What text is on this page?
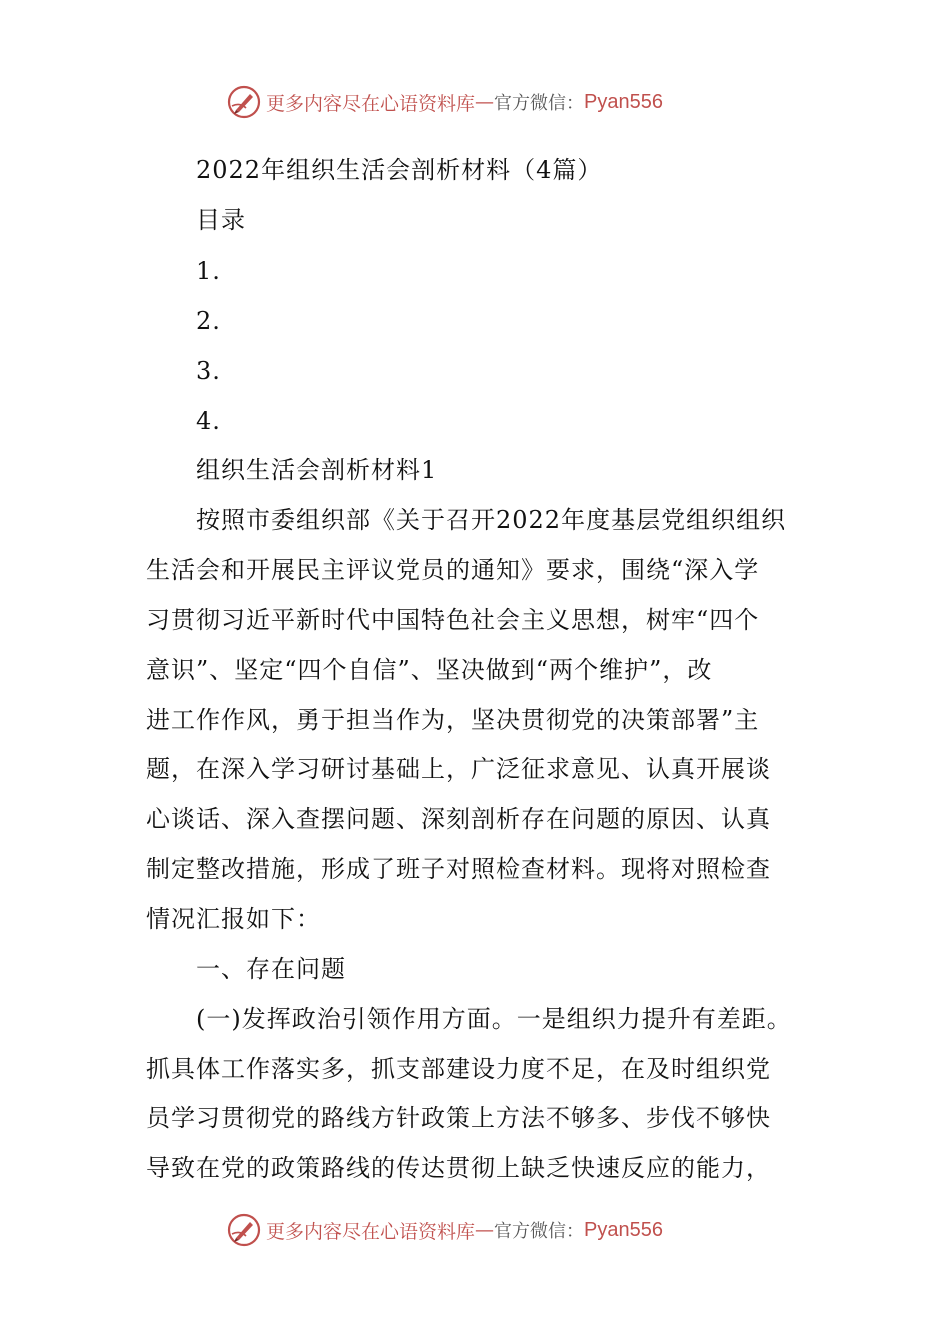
更多内容尽在心语资料库 — 官方微信： Pyan556
2022年组织生活会剖析材料（4篇）
目录
1.
2.
3.
4.
组织生活会剖析材料1
按照市委组织部《关于召开2022年度基层党组织组织
生活会和开展民主评议党员的通知》要求，围绕“深入学
习贯彻习近平新时代中国特色社会主义思想，树牢“四个
意识”、坚定“四个自信”、坚决做到“两个维护”，改
进工作作风，勇于担当作为，坚决贯彻党的决策部署”主
题，在深入学习研讨基础上，广泛征求意见、认真开展谈
心谈话、深入查摆问题、深刻剖析存在问题的原因、认真
制定整改措施，形成了班子对照检查材料。现将对照检查
情况汇报如下：
一、存在问题
(一)发挥政治引领作用方面。一是组织力提升有差距。
抓具体工作落实多，抓支部建设力度不足，在及时组织党
员学习贯彻党的路线方针政策上方法不够多、步伐不够快
导致在党的政策路线的传达贯彻上缺乏快速反应的能力，
更多内容尽在心语资料库 — 官方微信： Pyan556
